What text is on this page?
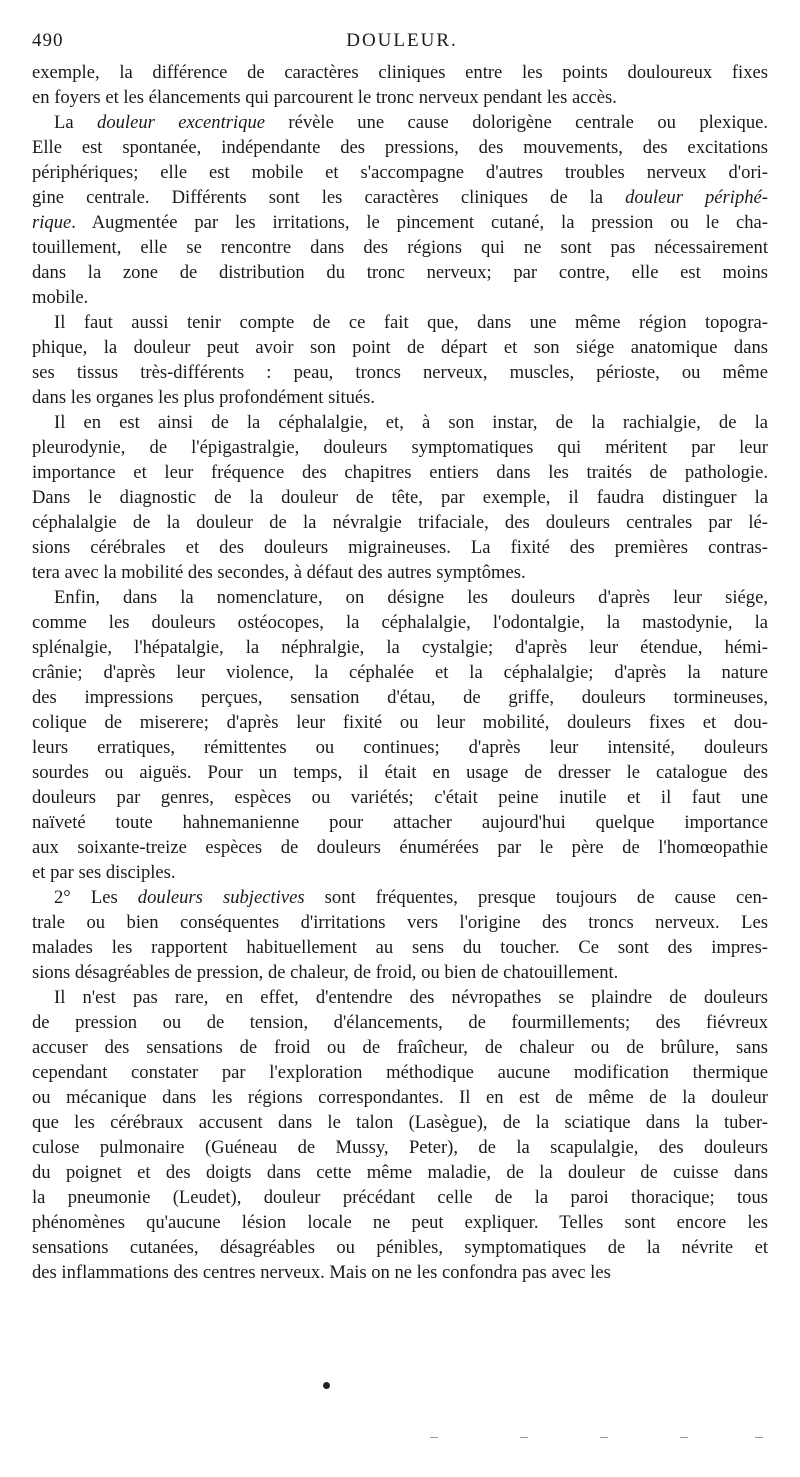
490	DOULEUR.
exemple, la différence de caractères cliniques entre les points douloureux fixes
en foyers et les élancements qui parcourent le tronc nerveux pendant les accès.
La douleur excentrique révèle une cause dolorigène centrale ou plexique.
Elle est spontanée, indépendante des pressions, des mouvements, des excitations
périphériques; elle est mobile et s'accompagne d'autres troubles nerveux d'ori-
gine centrale. Différents sont les caractères cliniques de la douleur périphé-
rique. Augmentée par les irritations, le pincement cutané, la pression ou le cha-
touillement, elle se rencontre dans des régions qui ne sont pas nécessairement
dans la zone de distribution du tronc nerveux; par contre, elle est moins
mobile.
Il faut aussi tenir compte de ce fait que, dans une même région topogra-
phique, la douleur peut avoir son point de départ et son siége anatomique dans
ses tissus très-différents : peau, troncs nerveux, muscles, périoste, ou même
dans les organes les plus profondément situés.
Il en est ainsi de la céphalalgie, et, à son instar, de la rachialgie, de la
pleurodynie, de l'épigastralgie, douleurs symptomatiques qui méritent par leur
importance et leur fréquence des chapitres entiers dans les traités de pathologie.
Dans le diagnostic de la douleur de tête, par exemple, il faudra distinguer la
céphalalgie de la douleur de la névralgie trifaciale, des douleurs centrales par lé-
sions cérébrales et des douleurs migraineuses. La fixité des premières contras-
tera avec la mobilité des secondes, à défaut des autres symptômes.
Enfin, dans la nomenclature, on désigne les douleurs d'après leur siége,
comme les douleurs ostéocopes, la céphalalgie, l'odontalgie, la mastodynie, la
splénalgie, l'hépatalgie, la néphralgie, la cystalgie; d'après leur étendue, hémi-
crânie; d'après leur violence, la céphalée et la céphalalgie; d'après la nature
des impressions perçues, sensation d'étau, de griffe, douleurs tormineuses,
colique de miserere; d'après leur fixité ou leur mobilité, douleurs fixes et dou-
leurs erratiques, rémittentes ou continues; d'après leur intensité, douleurs
sourdes ou aiguës. Pour un temps, il était en usage de dresser le catalogue des
douleurs par genres, espèces ou variétés; c'était peine inutile et il faut une
naïveté toute hahnemanienne pour attacher aujourd'hui quelque importance
aux soixante-treize espèces de douleurs énumérées par le père de l'homœopathie
et par ses disciples.
2° Les douleurs subjectives sont fréquentes, presque toujours de cause cen-
trale ou bien conséquentes d'irritations vers l'origine des troncs nerveux. Les
malades les rapportent habituellement au sens du toucher. Ce sont des impres-
sions désagréables de pression, de chaleur, de froid, ou bien de chatouillement.
Il n'est pas rare, en effet, d'entendre des névropathes se plaindre de douleurs
de pression ou de tension, d'élancements, de fourmillements; des fiévreux
accuser des sensations de froid ou de fraîcheur, de chaleur ou de brûlure, sans
cependant constater par l'exploration méthodique aucune modification thermique
ou mécanique dans les régions correspondantes. Il en est de même de la douleur
que les cérébraux accusent dans le talon (Lasègue), de la sciatique dans la tuber-
culose pulmonaire (Guéneau de Mussy, Peter), de la scapulalgie, des douleurs
du poignet et des doigts dans cette même maladie, de la douleur de cuisse dans
la pneumonie (Leudet), douleur précédant celle de la paroi thoracique; tous
phénomènes qu'aucune lésion locale ne peut expliquer. Telles sont encore les
sensations cutanées, désagréables ou pénibles, symptomatiques de la névrite et
des inflammations des centres nerveux. Mais on ne les confondra pas avec les
